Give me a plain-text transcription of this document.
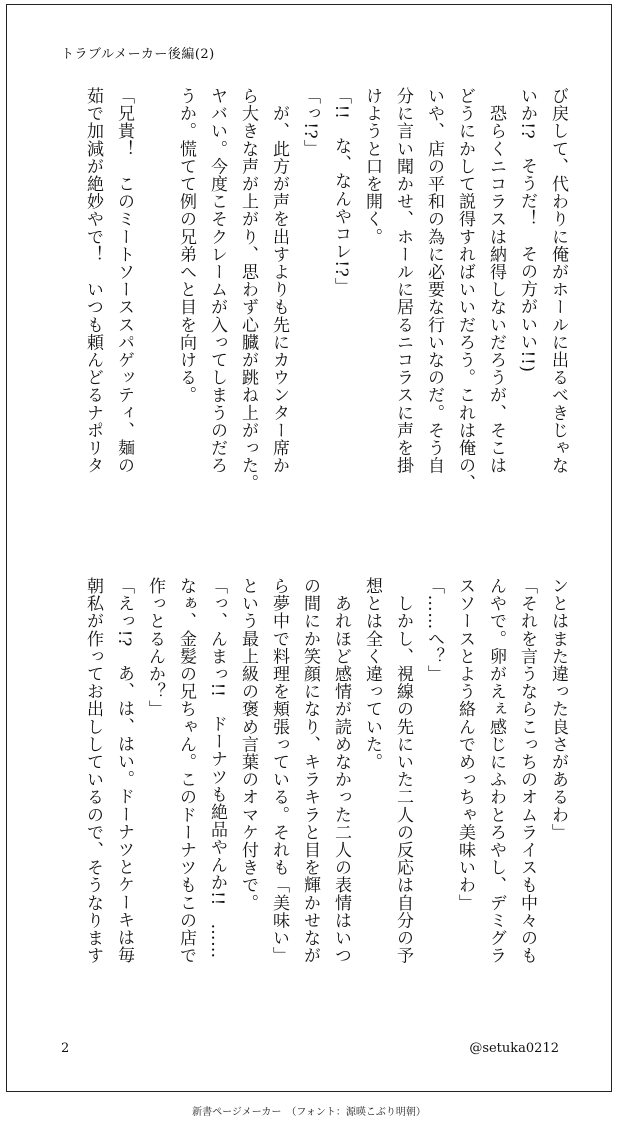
トラブルメーカー後編(2)
び戻して、代わりに俺がホールに出るべきじゃな
いか!?　そうだ！　その方がいい!!)
　恐らくニコラスは納得しないだろうが、そこは
どうにかして説得すればいいだろう。これは俺の、
いや、店の平和の為に必要な行いなのだ。そう自
分に言い聞かせ、ホールに居るニコラスに声を掛
けようと口を開く。
「!!　な、なんやコレ!?」
「っ!?」
　が、此方が声を出すよりも先にカウンター席か
ら大きな声が上がり、思わず心臓が跳ね上がった。
ヤバい。今度こそクレームが入ってしまうのだろ
うか。慌てて例の兄弟へと目を向ける。

「兄貴！　このミートソーススパゲッティ、麺の
茹で加減が絶妙やで！　いつも頼んどるナポリタ
ンとはまた違った良さがあるわ」
「それを言うならこっちのオムライスも中々のも
んやで。卵がえぇ感じにふわとろやし、デミグラ
スソースとよう絡んでめっちゃ美味いわ」
「……へ？」
　しかし、視線の先にいた二人の反応は自分の予
想とは全く違っていた。
　あれほど感情が読めなかった二人の表情はいつ
の間にか笑顔になり、キラキラと目を輝かせなが
ら夢中で料理を頬張っている。それも「美味い」
という最上級の褒め言葉のオマケ付きで。
「っ、んまっ!!　ドーナツも絶品やんか!!　……
なぁ、金髪の兄ちゃん。このドーナツもこの店で
作っとるんか？」
「えっ!?　あ、は、はい。ドーナツとケーキは毎
朝私が作ってお出ししているので、そうなります
2	@setuka0212
新書ページメーカー　（フォント：源暎こぶり明朝）
